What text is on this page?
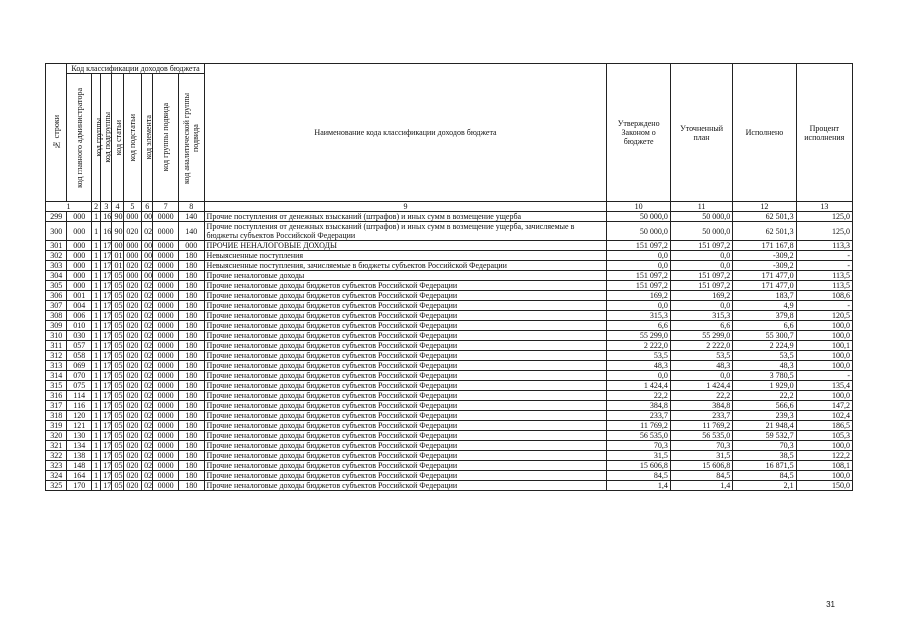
№ строки	Код классификации доходов бюджета								Наименование кода классификации доходов бюджета	Утверждено Законом о бюджете	Уточненный план	Исполнено	Процент исполнения

	код главного администратора	код группы	код подгруппы	код статьи	код подстатьи	код элемента	код группы подвида	код аналитической группы подвида					

1		2	3	4	5	6	7	8	9	10	11	12	13
299	000	1	16	90	000	00	0000	140	Прочие поступления от денежных взысканий (штрафов) и иных сумм в возмещение ущерба	50 000,0	50 000,0	62 501,3	125,0
300	000	1	16	90	020	02	0000	140	Прочие поступления от денежных взысканий (штрафов) и иных сумм в возмещение ущерба, зачисляемые в бюджеты субъектов Российской Федерации	50 000,0	50 000,0	62 501,3	125,0
301	000	1	17	00	000	00	0000	000	ПРОЧИЕ НЕНАЛОГОВЫЕ ДОХОДЫ	151 097,2	151 097,2	171 167,8	113,3
302	000	1	17	01	000	00	0000	180	Невыясненные поступления	0,0	0,0	-309,2	-
303	000	1	17	01	020	02	0000	180	Невыясненные поступления, зачисляемые в бюджеты субъектов Российской Федерации	0,0	0,0	-309,2	-
304	000	1	17	05	000	00	0000	180	Прочие неналоговые доходы	151 097,2	151 097,2	171 477,0	113,5
305	000	1	17	05	020	02	0000	180	Прочие неналоговые доходы бюджетов субъектов Российской Федерации	151 097,2	151 097,2	171 477,0	113,5
306	001	1	17	05	020	02	0000	180	Прочие неналоговые доходы бюджетов субъектов Российской Федерации	169,2	169,2	183,7	108,6
307	004	1	17	05	020	02	0000	180	Прочие неналоговые доходы бюджетов субъектов Российской Федерации	0,0	0,0	4,9	-
308	006	1	17	05	020	02	0000	180	Прочие неналоговые доходы бюджетов субъектов Российской Федерации	315,3	315,3	379,8	120,5
309	010	1	17	05	020	02	0000	180	Прочие неналоговые доходы бюджетов субъектов Российской Федерации	6,6	6,6	6,6	100,0
310	030	1	17	05	020	02	0000	180	Прочие неналоговые доходы бюджетов субъектов Российской Федерации	55 299,0	55 299,0	55 300,7	100,0
311	057	1	17	05	020	02	0000	180	Прочие неналоговые доходы бюджетов субъектов Российской Федерации	2 222,0	2 222,0	2 224,9	100,1
312	058	1	17	05	020	02	0000	180	Прочие неналоговые доходы бюджетов субъектов Российской Федерации	53,5	53,5	53,5	100,0
313	069	1	17	05	020	02	0000	180	Прочие неналоговые доходы бюджетов субъектов Российской Федерации	48,3	48,3	48,3	100,0
314	070	1	17	05	020	02	0000	180	Прочие неналоговые доходы бюджетов субъектов Российской Федерации	0,0	0,0	3 780,5	-
315	075	1	17	05	020	02	0000	180	Прочие неналоговые доходы бюджетов субъектов Российской Федерации	1 424,4	1 424,4	1 929,0	135,4
316	114	1	17	05	020	02	0000	180	Прочие неналоговые доходы бюджетов субъектов Российской Федерации	22,2	22,2	22,2	100,0
317	116	1	17	05	020	02	0000	180	Прочие неналоговые доходы бюджетов субъектов Российской Федерации	384,8	384,8	566,6	147,2
318	120	1	17	05	020	02	0000	180	Прочие неналоговые доходы бюджетов субъектов Российской Федерации	233,7	233,7	239,3	102,4
319	121	1	17	05	020	02	0000	180	Прочие неналоговые доходы бюджетов субъектов Российской Федерации	11 769,2	11 769,2	21 948,4	186,5
320	130	1	17	05	020	02	0000	180	Прочие неналоговые доходы бюджетов субъектов Российской Федерации	56 535,0	56 535,0	59 532,7	105,3
321	134	1	17	05	020	02	0000	180	Прочие неналоговые доходы бюджетов субъектов Российской Федерации	70,3	70,3	70,3	100,0
322	138	1	17	05	020	02	0000	180	Прочие неналоговые доходы бюджетов субъектов Российской Федерации	31,5	31,5	38,5	122,2
323	148	1	17	05	020	02	0000	180	Прочие неналоговые доходы бюджетов субъектов Российской Федерации	15 606,8	15 606,8	16 871,5	108,1
324	164	1	17	05	020	02	0000	180	Прочие неналоговые доходы бюджетов субъектов Российской Федерации	84,5	84,5	84,5	100,0
325	170	1	17	05	020	02	0000	180	Прочие неналоговые доходы бюджетов субъектов Российской Федерации	1,4	1,4	2,1	150,0
31
